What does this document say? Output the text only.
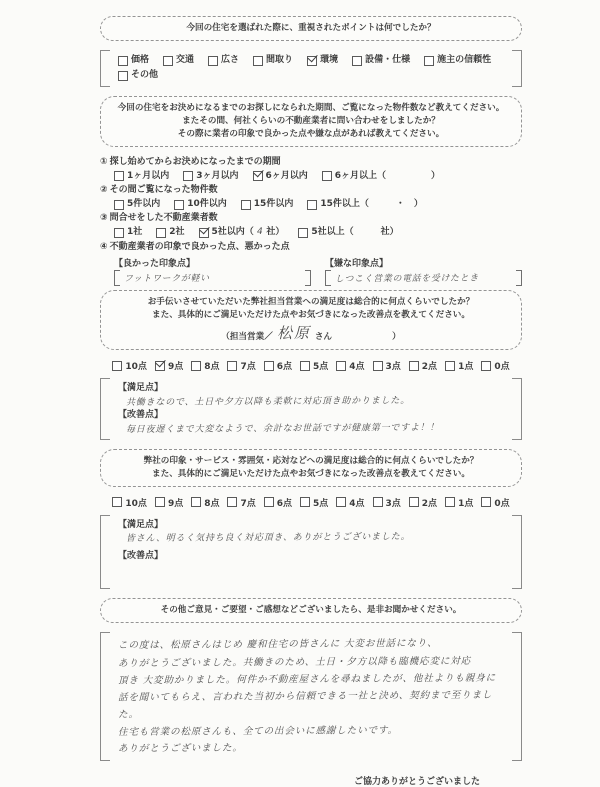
今回の住宅を選ばれた際に、重視されたポイントは何でしたか？
価格	交通	広さ	間取り	環境	設備・仕様	施主の信頼性
その他
今回の住宅をお決めになるまでのお探しになられた期間、ご覧になった物件数など教えてください。
またその間、何社くらいの不動産業者に問い合わせをしましたか？
その際に業者の印象で良かった点や嫌な点があれば教えてください。
① 探し始めてからお決めになったまでの期間
1ヶ月以内	3ヶ月以内	6ヶ月以内	6ヶ月以上（　　　　　）
② その間ご覧になった物件数
5件以内	10件以内	15件以内	15件以上（　　　・　）
③ 問合せをした不動産業者数
1社	2社	5社以内（ 4 社）	5社以上（　　　社）
④ 不動産業者の印象で良かった点、悪かった点
【良かった印象点】
フットワークが軽い
【嫌な印象点】
しつこく営業の電話を受けたとき
お手伝いさせていただいた弊社担当営業への満足度は総合的に何点くらいでしたか？
また、具体的にご満足いただけた点やお気づきになった改善点を教えてください。
（担当営業／ 松原 さん　　　　　　　）
10点 9点 8点 7点 6点 5点 4点 3点 2点 1点 0点
【満足点】
共働きなので、土日や夕方以降も柔軟に対応頂き助かりました。
【改善点】
毎日夜遅くまで大変なようで、余計なお世話ですが健康第一ですよ！！
弊社の印象・サービス・雰囲気・応対などへの満足度は総合的に何点くらいでしたか？
また、具体的にご満足いただけた点やお気づきになった改善点を教えてください。
10点 9点 8点 7点 6点 5点 4点 3点 2点 1点 0点
【満足点】
皆さん、明るく気持ち良く対応頂き、ありがとうございました。
【改善点】
その他ご意見・ご要望・ご感想などございましたら、是非お聞かせください。
この度は、松原さんはじめ 慶和住宅の皆さんに 大変お世話になり、 ありがとうございました。共働きのため、土日・夕方以降も臨機応変に対応 頂き 大変助かりました。何件か不動産屋さんを尋ねましたが、他社よりも親身に 話を聞いてもらえ、言われた当初から信頼できる一社と決め、契約まで至りました。 住宅も営業の松原さんも、全ての出会いに感謝したいです。 ありがとうございました。
ご協力ありがとうございました
